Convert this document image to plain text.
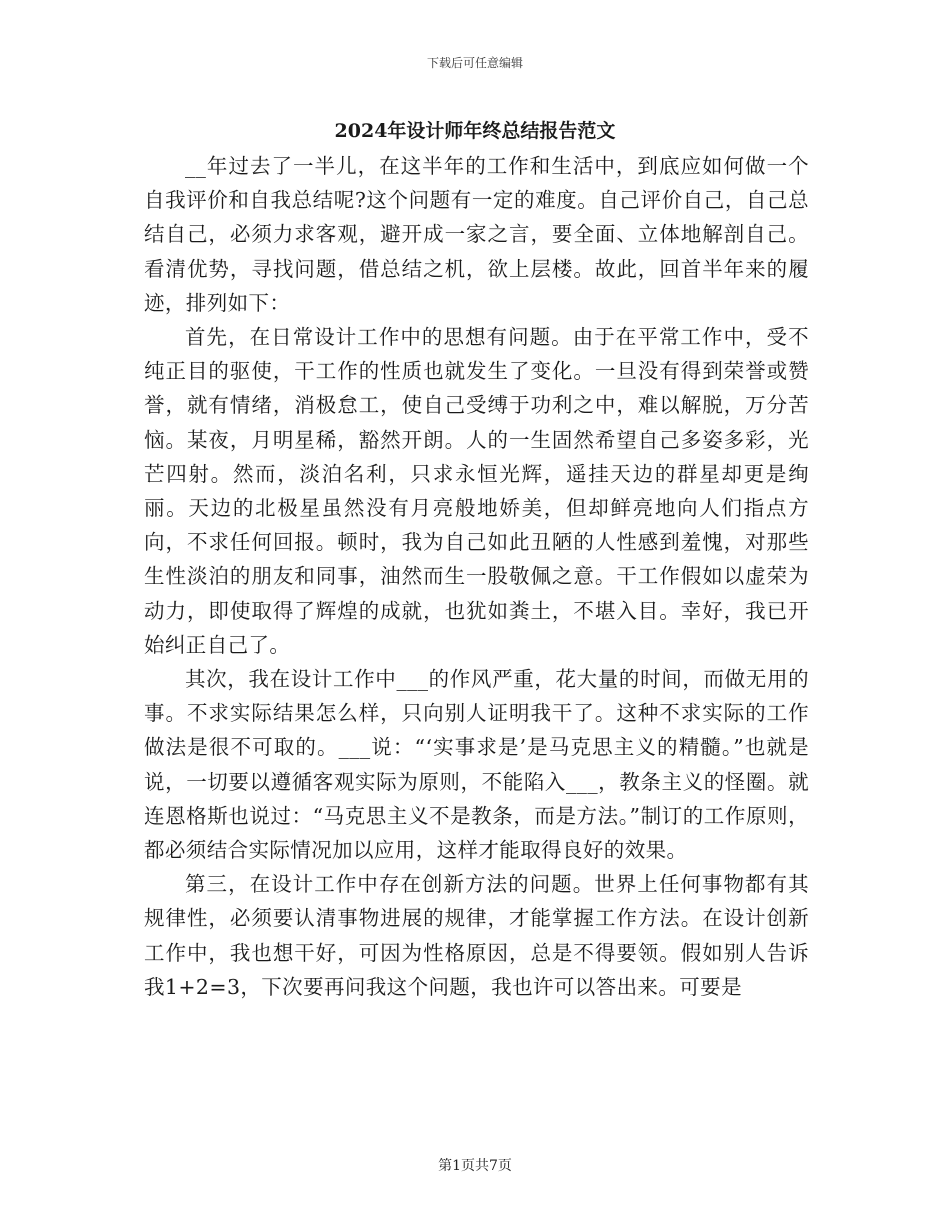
下载后可任意编辑
2024年设计师年终总结报告范文

__年过去了一半儿，在这半年的工作和生活中，到底应如何做一个自我评价和自我总结呢?这个问题有一定的难度。自己评价自己，自己总结自己，必须力求客观，避开成一家之言，要全面、立体地解剖自己。看清优势，寻找问题，借总结之机，欲上层楼。故此，回首半年来的履迹，排列如下：

首先，在日常设计工作中的思想有问题。由于在平常工作中，受不纯正目的驱使，干工作的性质也就发生了变化。一旦没有得到荣誉或赞誉，就有情绪，消极怠工，使自己受缚于功利之中，难以解脱，万分苦恼。某夜，月明星稀，豁然开朗。人的一生固然希望自己多姿多彩，光芒四射。然而，淡泊名利，只求永恒光辉，遥挂天边的群星却更是绚丽。天边的北极星虽然没有月亮般地娇美，但却鲜亮地向人们指点方向，不求任何回报。顿时，我为自己如此丑陋的人性感到羞愧，对那些生性淡泊的朋友和同事，油然而生一股敬佩之意。干工作假如以虚荣为动力，即使取得了辉煌的成就，也犹如粪土，不堪入目。幸好，我已开始纠正自己了。

其次，我在设计工作中___的作风严重，花大量的时间，而做无用的事。不求实际结果怎么样，只向别人证明我干了。这种不求实际的工作做法是很不可取的。___说：“‘实事求是’是马克思主义的精髓。”也就是说，一切要以遵循客观实际为原则，不能陷入___，教条主义的怪圈。就连恩格斯也说过：“马克思主义不是教条，而是方法。”制订的工作原则，都必须结合实际情况加以应用，这样才能取得良好的效果。

第三，在设计工作中存在创新方法的问题。世界上任何事物都有其规律性，必须要认清事物进展的规律，才能掌握工作方法。在设计创新工作中，我也想干好，可因为性格原因，总是不得要领。假如别人告诉我1+2=3，下次要再问我这个问题，我也许可以答出来。可要是

第1页共7页
